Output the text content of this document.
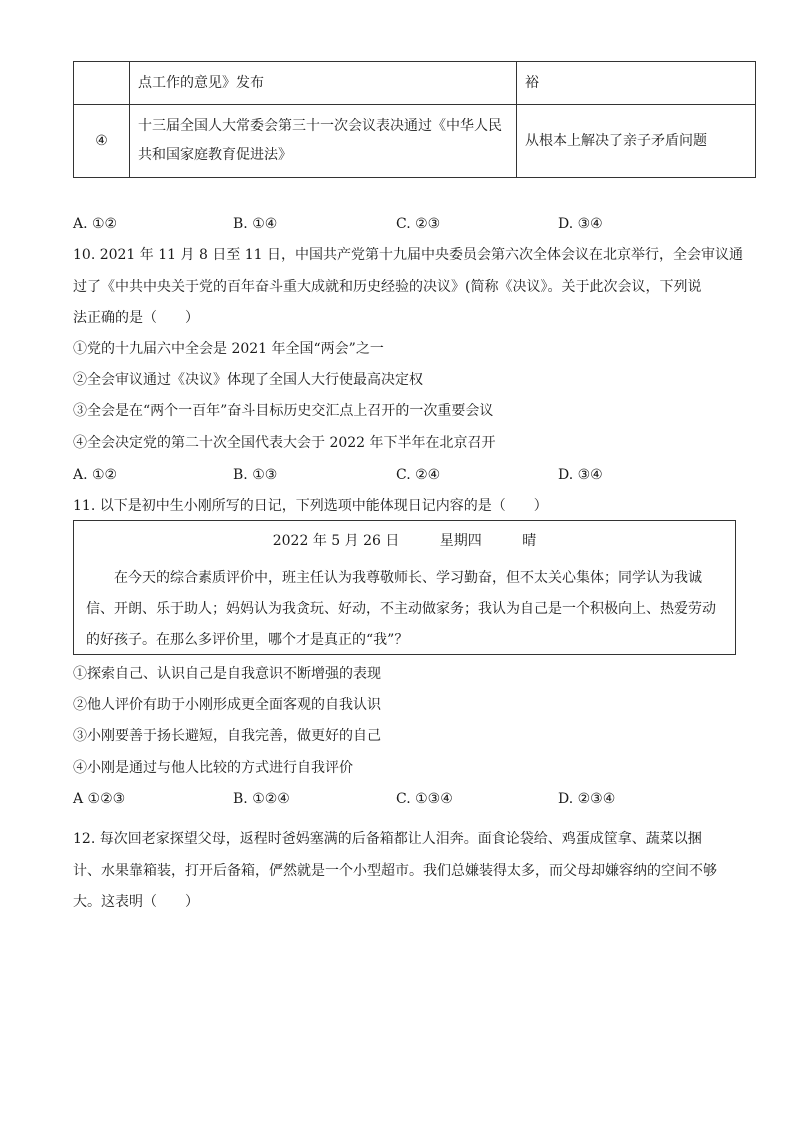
	点工作的意见》发布	裕
④	十三届全国人大常委会第三十一次会议表决通过《中华人民共和国家庭教育促进法》	从根本上解决了亲子矛盾问题
A. ①②	B. ①④	C. ②③	D. ③④
10. 2021 年 11 月 8 日至 11 日，中国共产党第十九届中央委员会第六次全体会议在北京举行，全会审议通
过了《中共中央关于党的百年奋斗重大成就和历史经验的决议》(简称《决议》。关于此次会议，下列说
法正确的是（　　）
①党的十九届六中全会是 2021 年全国“两会”之一
②全会审议通过《决议》体现了全国人大行使最高决定权
③全会是在“两个一百年”奋斗目标历史交汇点上召开的一次重要会议
④全会决定党的第二十次全国代表大会于 2022 年下半年在北京召开
A. ①②	B. ①③	C. ②④	D. ③④
11. 以下是初中生小刚所写的日记，下列选项中能体现日记内容的是（　　）
2022 年 5 月 26 日	星期四	晴
在今天的综合素质评价中，班主任认为我尊敬师长、学习勤奋，但不太关心集体；同学认为我诚信、开朗、乐于助人；妈妈认为我贪玩、好动，不主动做家务；我认为自己是一个积极向上、热爱劳动的好孩子。在那么多评价里，哪个才是真正的“我”？
①探索自己、认识自己是自我意识不断增强的表现
②他人评价有助于小刚形成更全面客观的自我认识
③小刚要善于扬长避短，自我完善，做更好的自己
④小刚是通过与他人比较的方式进行自我评价
A ①②③	B. ①②④	C. ①③④	D. ②③④
12. 每次回老家探望父母，返程时爸妈塞满的后备箱都让人泪奔。面食论袋给、鸡蛋成筐拿、蔬菜以捆
计、水果靠箱装，打开后备箱，俨然就是一个小型超市。我们总嫌装得太多，而父母却嫌容纳的空间不够
大。这表明（　　）
